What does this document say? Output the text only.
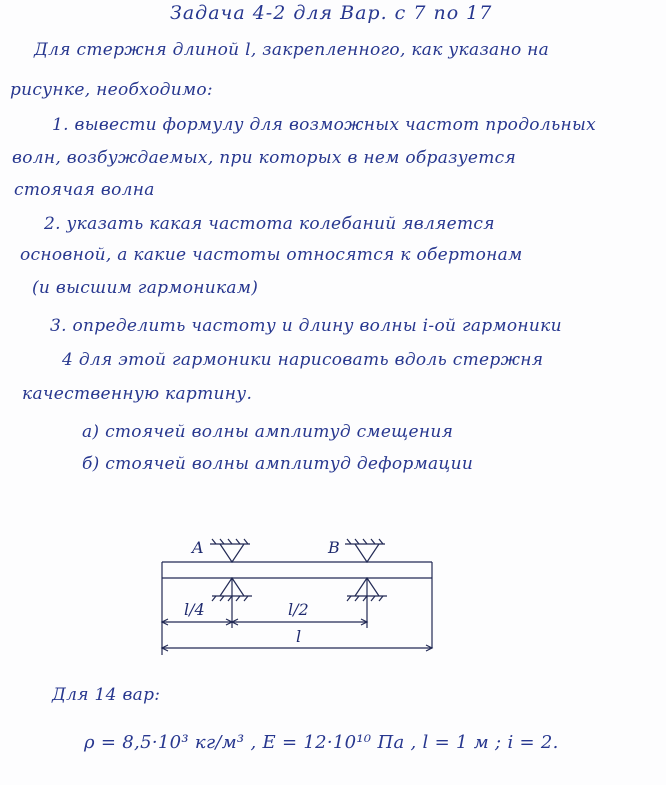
Задача 4-2 для Вар. с 7 по 17
Для стержня длиной l, закрепленного, как указано на
рисунке, необходимо:
1. вывести формулу для возможных частот продольных
волн, возбуждаемых, при которых в нем образуется
стоячая волна
2. указать какая частота колебаний является
основной, а какие частоты относятся к обертонам
(и высшим гармоникам)
3. определить частоту и длину волны i-ой гармоники
4 для этой гармоники нарисовать вдоль стержня
качественную картину.
а) стоячей волны амплитуд смещения
б) стоячей волны амплитуд деформации
A	B
l/4	l/2
l
Для 14 вар:
ρ = 8,5·10³ кг/м³ , E = 12·10¹⁰ Па , l = 1 м ; i = 2.
